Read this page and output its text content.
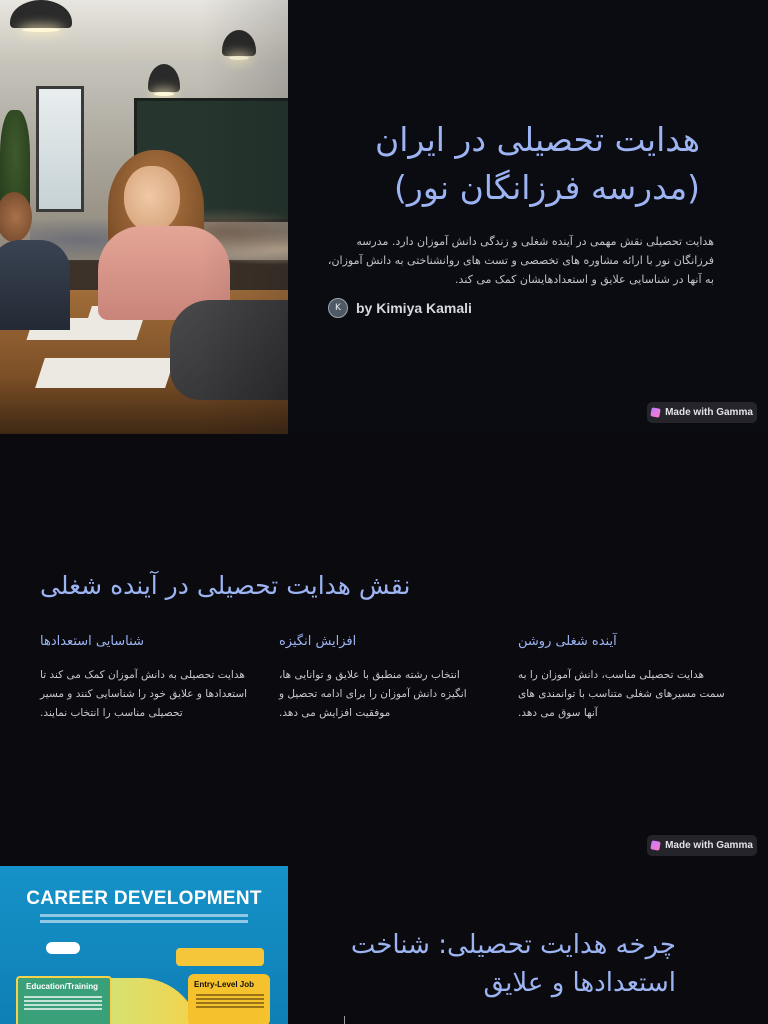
هدایت تحصیلی در ایران (مدرسه فرزانگان نور)

هدایت تحصیلی نقش مهمی در آینده شغلی و زندگی دانش آموزان دارد. مدرسه فرزانگان نور با ارائه مشاوره های تخصصی و تست های روانشناختی به دانش آموزان، به آنها در شناسایی علایق و استعدادهایشان کمک می کند.

K	by Kimiya Kamali
Made with Gamma
نقش هدایت تحصیلی در آینده شغلی
شناسایی استعدادها

هدایت تحصیلی به دانش آموزان کمک می کند تا استعدادها و علایق خود را شناسایی کنند و مسیر تحصیلی مناسب را انتخاب نمایند.

افزایش انگیزه

انتخاب رشته منطبق با علایق و توانایی ها، انگیزه دانش آموزان را برای ادامه تحصیل و موفقیت افزایش می دهد.

آینده شغلی روشن

هدایت تحصیلی مناسب، دانش آموزان را به سمت مسیرهای شغلی متناسب با توانمندی های آنها سوق می دهد.

Made with Gamma
CAREER DEVELOPMENT
Education/Training	Entry-Level Job
چرخه هدایت تحصیلی: شناخت استعدادها و علایق
